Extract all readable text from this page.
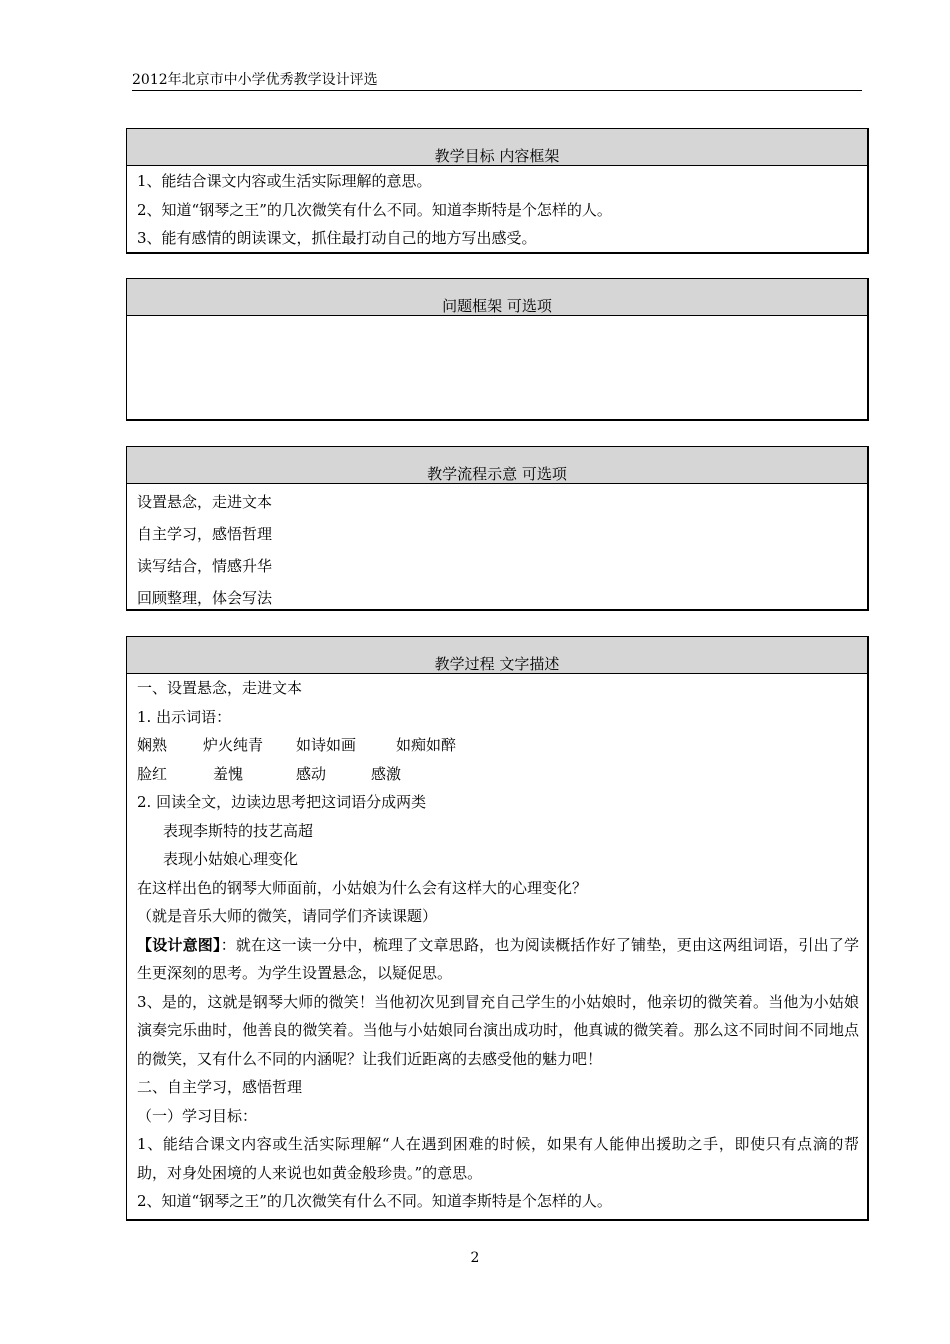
2012年北京市中小学优秀教学设计评选
教学目标 内容框架
1、能结合课文内容或生活实际理解的意思。
2、知道“钢琴之王”的几次微笑有什么不同。知道李斯特是个怎样的人。
3、能有感情的朗读课文，抓住最打动自己的地方写出感受。
问题框架 可选项
教学流程示意 可选项
设置悬念，走进文本
自主学习，感悟哲理
读写结合，情感升华
回顾整理，体会写法
教学过程 文字描述
一、设置悬念，走进文本
1. 出示词语：
娴熟 炉火纯青 如诗如画	如痴如醉
脸红	羞愧	感动	感激
2. 回读全文，边读边思考把这词语分成两类
表现李斯特的技艺高超
表现小姑娘心理变化
在这样出色的钢琴大师面前，小姑娘为什么会有这样大的心理变化？
（就是音乐大师的微笑，请同学们齐读课题）
【设计意图】：就在这一读一分中，梳理了文章思路，也为阅读概括作好了铺垫，更由这两组词语，引出了学生更深刻的思考。为学生设置悬念，以疑促思。
3、是的，这就是钢琴大师的微笑！当他初次见到冒充自己学生的小姑娘时，他亲切的微笑着。当他为小姑娘演奏完乐曲时，他善良的微笑着。当他与小姑娘同台演出成功时，他真诚的微笑着。那么这不同时间不同地点的微笑，又有什么不同的内涵呢？让我们近距离的去感受他的魅力吧！
二、自主学习，感悟哲理
（一）学习目标：
1、能结合课文内容或生活实际理解“人在遇到困难的时候，如果有人能伸出援助之手，即使只有点滴的帮助，对身处困境的人来说也如黄金般珍贵。”的意思。
2、知道“钢琴之王”的几次微笑有什么不同。知道李斯特是个怎样的人。
2
